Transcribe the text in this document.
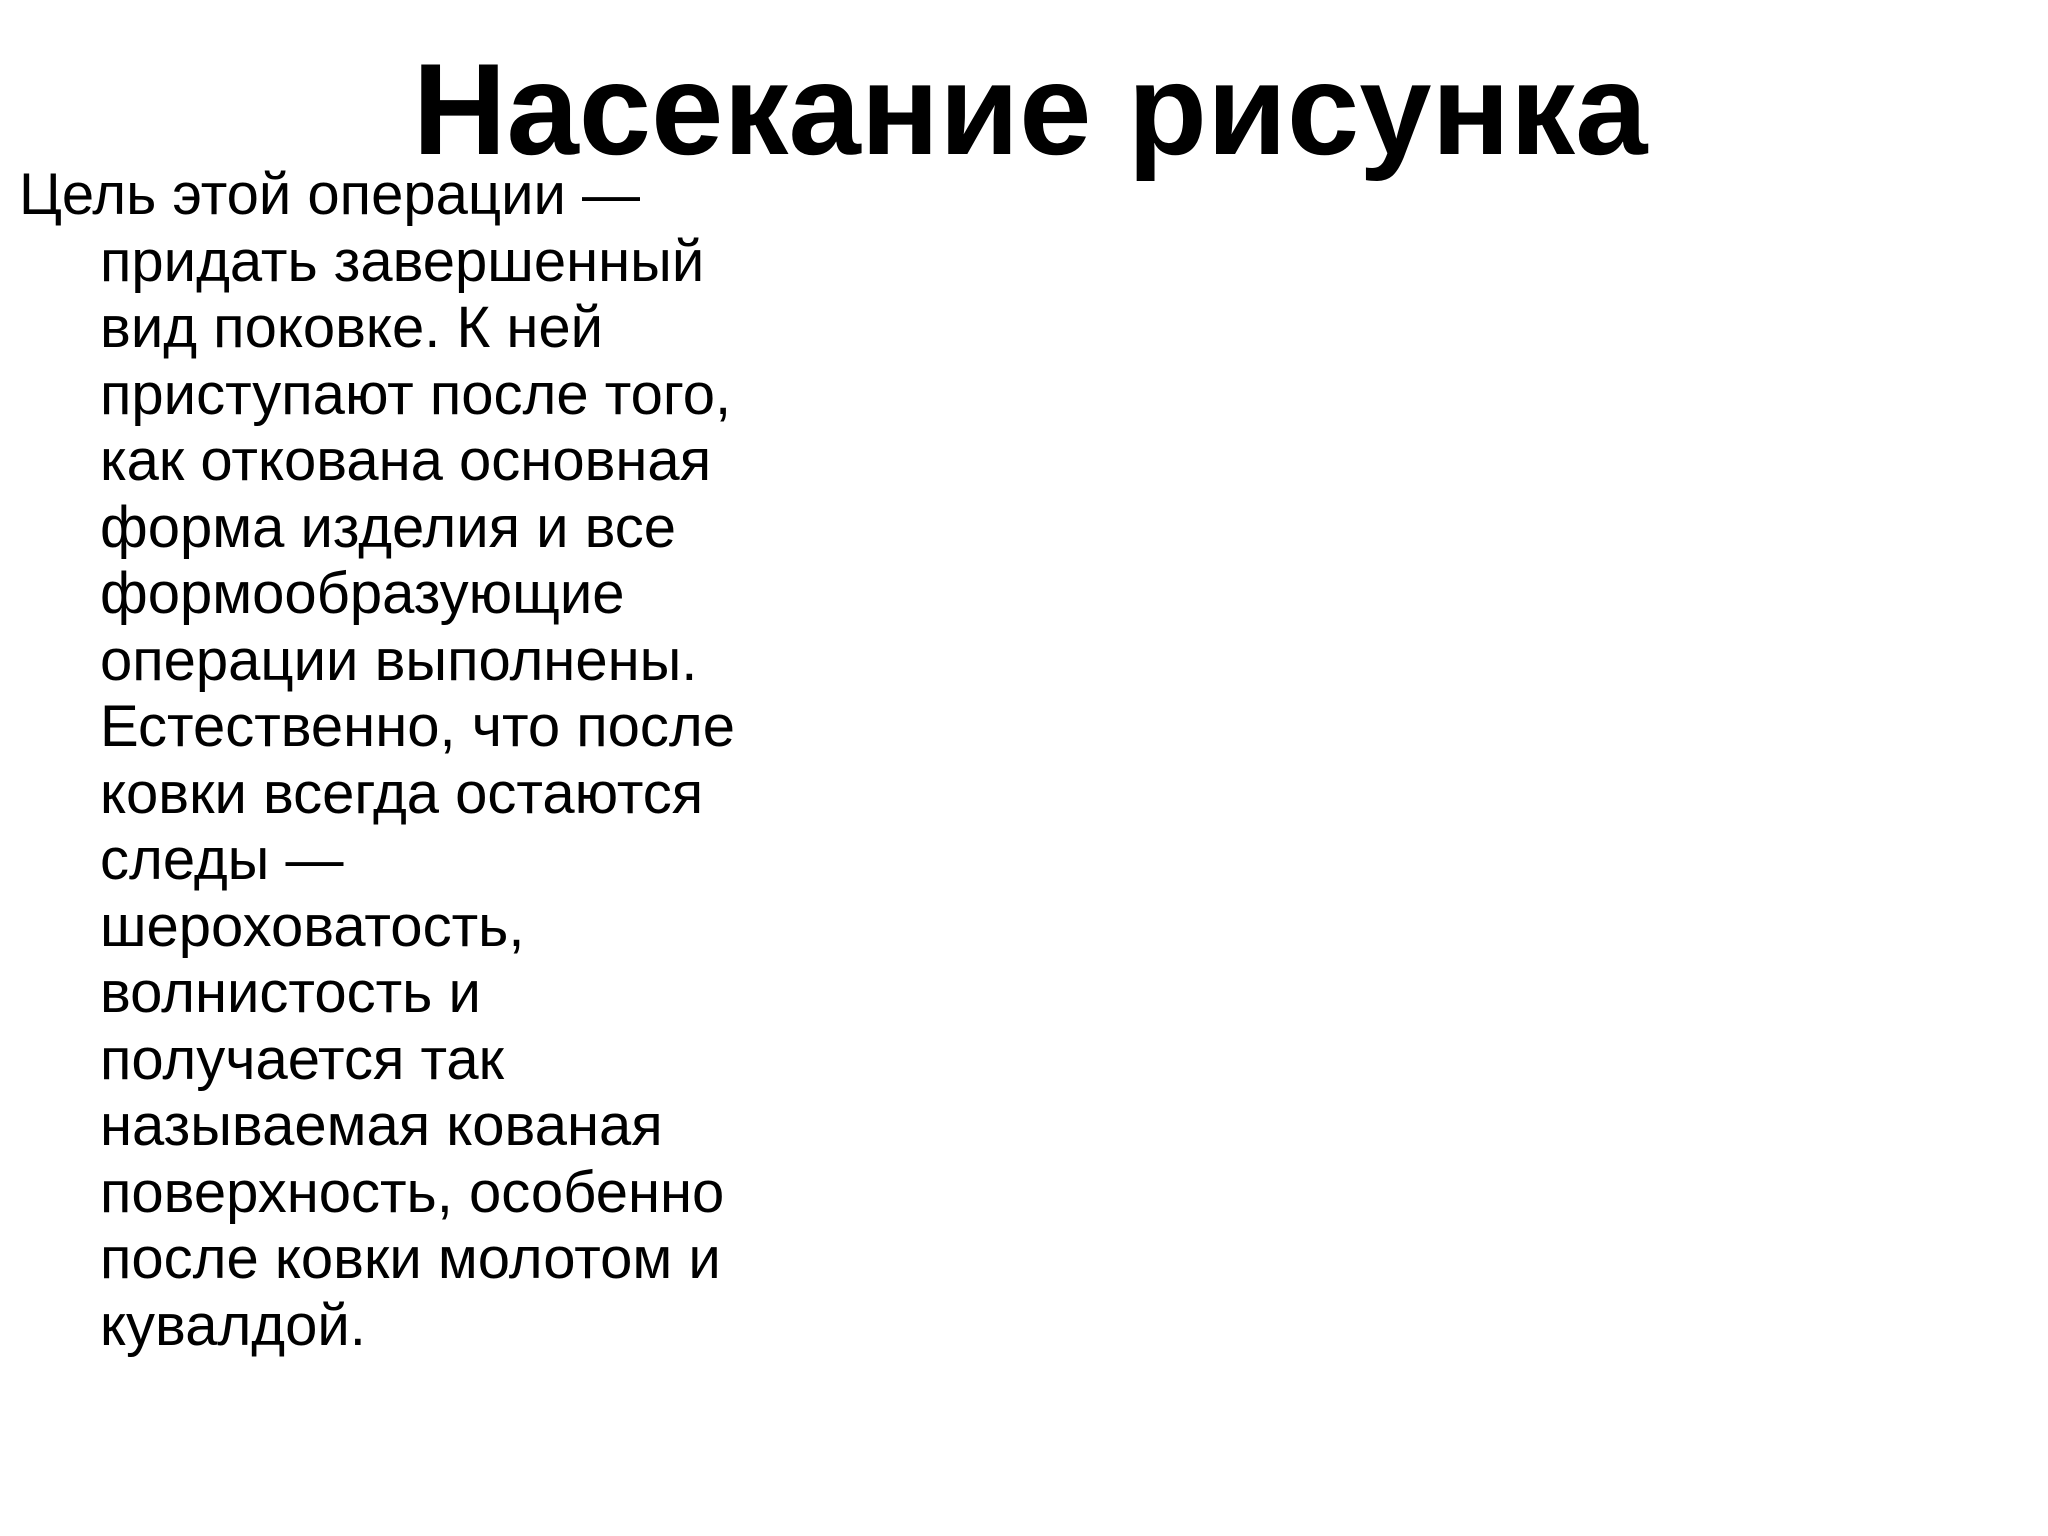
Насекание рисунка
Цель этой операции —
придать завершенный
вид поковке. К ней
приступают после того,
как откована основная
форма изделия и все
формообразующие
операции выполнены.
Естественно, что после
ковки всегда остаются
следы —
шероховатость,
волнистость и
получается так
называемая кованая
поверхность, особенно
после ковки молотом и
кувалдой.
